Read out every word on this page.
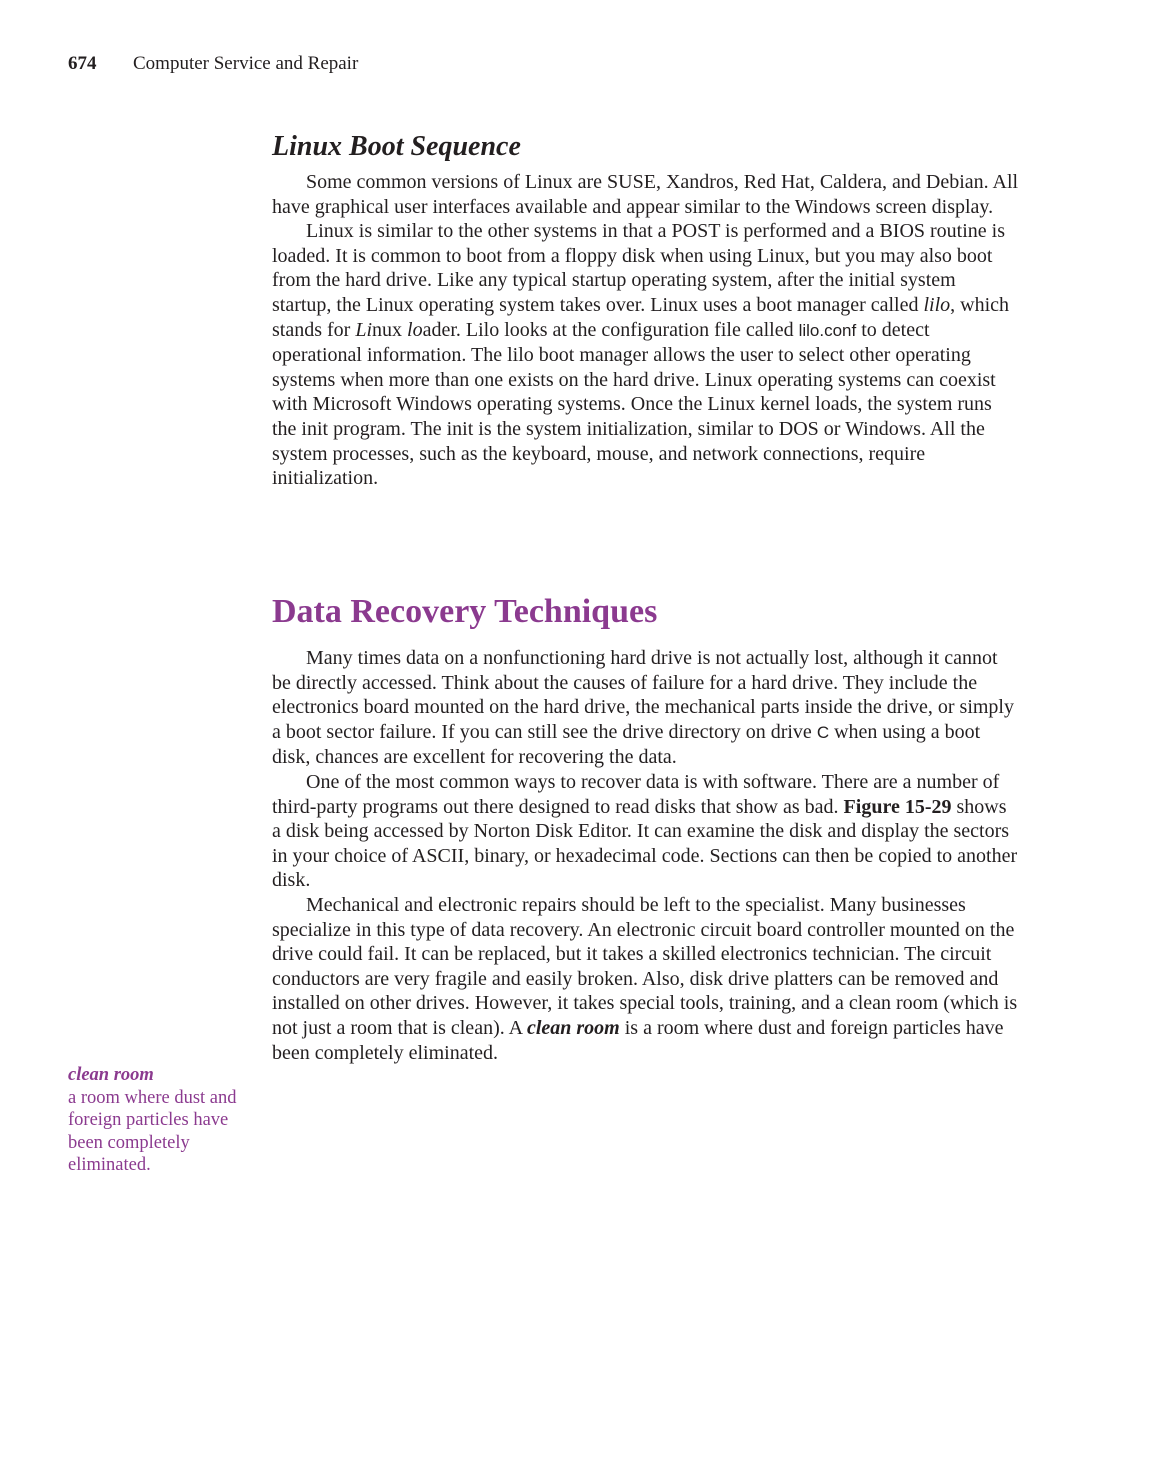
674 Computer Service and Repair
Linux Boot Sequence

Some common versions of Linux are SUSE, Xandros, Red Hat, Caldera, and Debian. All have graphical user interfaces available and appear similar to the Windows screen display.

Linux is similar to the other systems in that a POST is performed and a BIOS routine is loaded. It is common to boot from a floppy disk when using Linux, but you may also boot from the hard drive. Like any typical startup operating system, after the initial system startup, the Linux operating system takes over. Linux uses a boot manager called lilo, which stands for Linux loader. Lilo looks at the configuration file called lilo.conf to detect operational information. The lilo boot manager allows the user to select other operating systems when more than one exists on the hard drive. Linux operating systems can coexist with Microsoft Windows operating systems. Once the Linux kernel loads, the system runs the init program. The init is the system initialization, similar to DOS or Windows. All the system processes, such as the keyboard, mouse, and network connections, require initialization.

Data Recovery Techniques

Many times data on a nonfunctioning hard drive is not actually lost, although it cannot be directly accessed. Think about the causes of failure for a hard drive. They include the electronics board mounted on the hard drive, the mechanical parts inside the drive, or simply a boot sector failure. If you can still see the drive directory on drive C when using a boot disk, chances are excellent for recovering the data.

One of the most common ways to recover data is with software. There are a number of third-party programs out there designed to read disks that show as bad. Figure 15-29 shows a disk being accessed by Norton Disk Editor. It can examine the disk and display the sectors in your choice of ASCII, binary, or hexadecimal code. Sections can then be copied to another disk.

Mechanical and electronic repairs should be left to the specialist. Many businesses specialize in this type of data recovery. An electronic circuit board controller mounted on the drive could fail. It can be replaced, but it takes a skilled electronics technician. The circuit conductors are very fragile and easily broken. Also, disk drive platters can be removed and installed on other drives. However, it takes special tools, training, and a clean room (which is not just a room that is clean). A clean room is a room where dust and foreign particles have been completely eliminated.

clean room
a room where dust and foreign particles have been completely eliminated.
